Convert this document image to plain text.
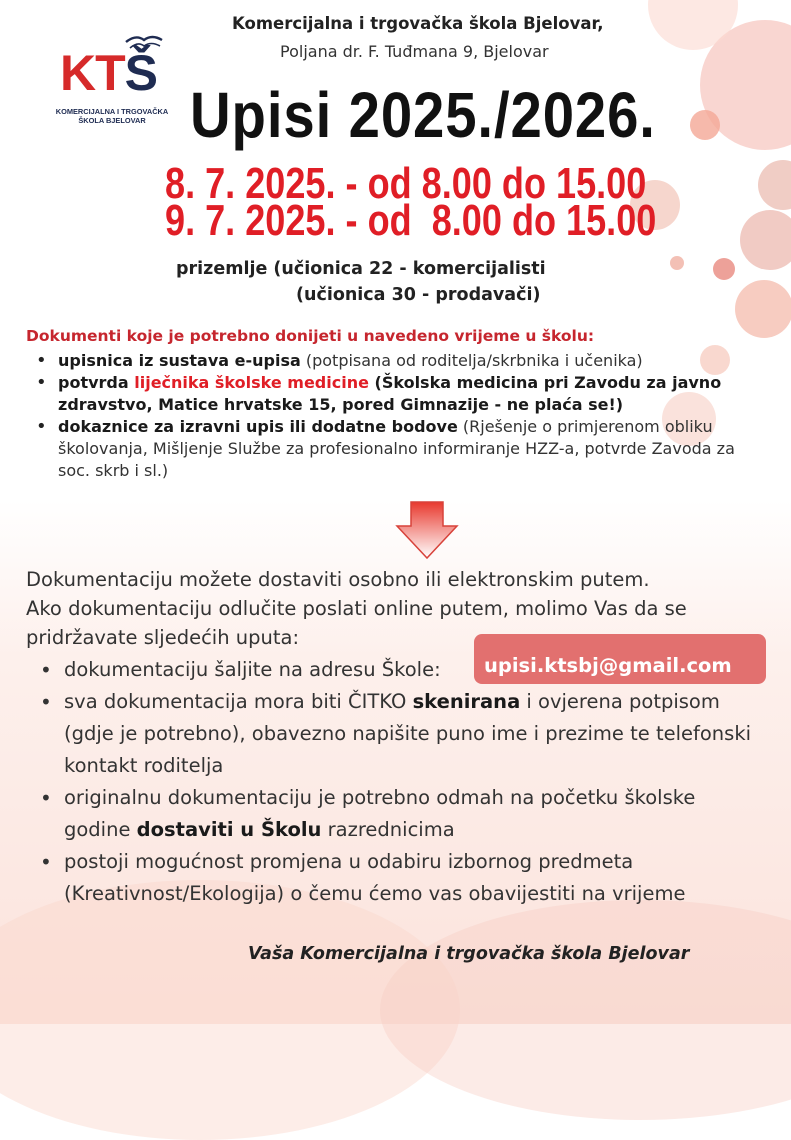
KTŠ
KOMERCIJALNA I TRGOVAČKA
ŠKOLA BJELOVAR
Komercijalna i trgovačka škola Bjelovar,
Poljana dr. F. Tuđmana 9, Bjelovar
Upisi 2025./2026.
8. 7. 2025. - od 8.00 do 15.00
9. 7. 2025. - od  8.00 do 15.00
prizemlje (učionica 22 - komercijalisti
(učionica 30 - prodavači)
Dokumenti koje je potrebno donijeti u navedeno vrijeme u školu:
• upisnica iz sustava e-upisa (potpisana od roditelja/skrbnika i učenika)
• potvrda liječnika školske medicine (Školska medicina pri Zavodu za javno zdravstvo, Matice hrvatske 15, pored Gimnazije - ne plaća se!)
• dokaznice za izravni upis ili dodatne bodove (Rješenje o primjerenom obliku školovanja, Mišljenje Službe za profesionalno informiranje HZZ-a, potvrde Zavoda za soc. skrb i sl.)
Dokumentaciju možete dostaviti osobno ili elektronskim putem.
Ako dokumentaciju odlučite poslati online putem, molimo Vas da se pridržavate sljedećih uputa:
• dokumentaciju šaljite na adresu Škole:
• sva dokumentacija mora biti ČITKO skenirana i ovjerena potpisom (gdje je potrebno), obavezno napišite puno ime i prezime te telefonski kontakt roditelja
• originalnu dokumentaciju je potrebno odmah na početku školske godine dostaviti u Školu razrednicima
• postoji mogućnost promjena u odabiru izbornog predmeta (Kreativnost/Ekologija) o čemu ćemo vas obavijestiti na vrijeme
upisi.ktsbj@gmail.com
Vaša Komercijalna i trgovačka škola Bjelovar
